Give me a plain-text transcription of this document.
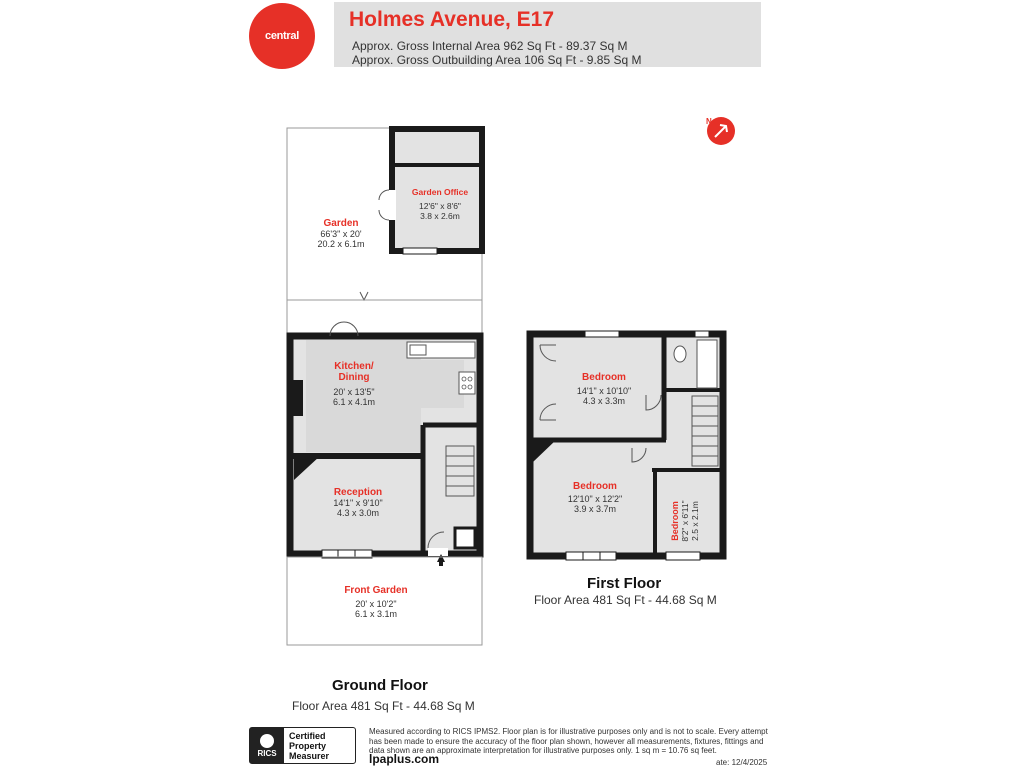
central
Holmes Avenue, E17
Approx. Gross Internal Area 962 Sq Ft - 89.37 Sq M
Approx. Gross Outbuilding Area 106 Sq Ft - 9.85 Sq M
N
Garden
66'3" x 20'
20.2 x 6.1m
Garden Office
12'6" x 8'6"
3.8 x 2.6m
Kitchen/
Dining
20' x 13'5"
6.1 x 4.1m
Reception
14'1" x 9'10"
4.3 x 3.0m
Front Garden
20' x 10'2"
6.1 x 3.1m
Bedroom
14'1" x 10'10"
4.3 x 3.3m
Bedroom
12'10" x 12'2"
3.9 x 3.7m	Bedroom 8'2" x 6'11" 2.5 x 2.1m
First Floor
Floor Area 481 Sq Ft - 44.68 Sq M
Ground Floor
Floor Area 481 Sq Ft - 44.68 Sq M
RICS
Certified
Property
Measurer
Measured according to RICS IPMS2. Floor plan is for illustrative purposes only and is not to scale. Every attempt has been made to ensure the accuracy of the floor plan shown, however all measurements, fixtures, fittings and data shown are an approximate interpretation for illustrative purposes only. 1 sq m = 10.76 sq feet.
lpaplus.com	ate: 12/4/2025
